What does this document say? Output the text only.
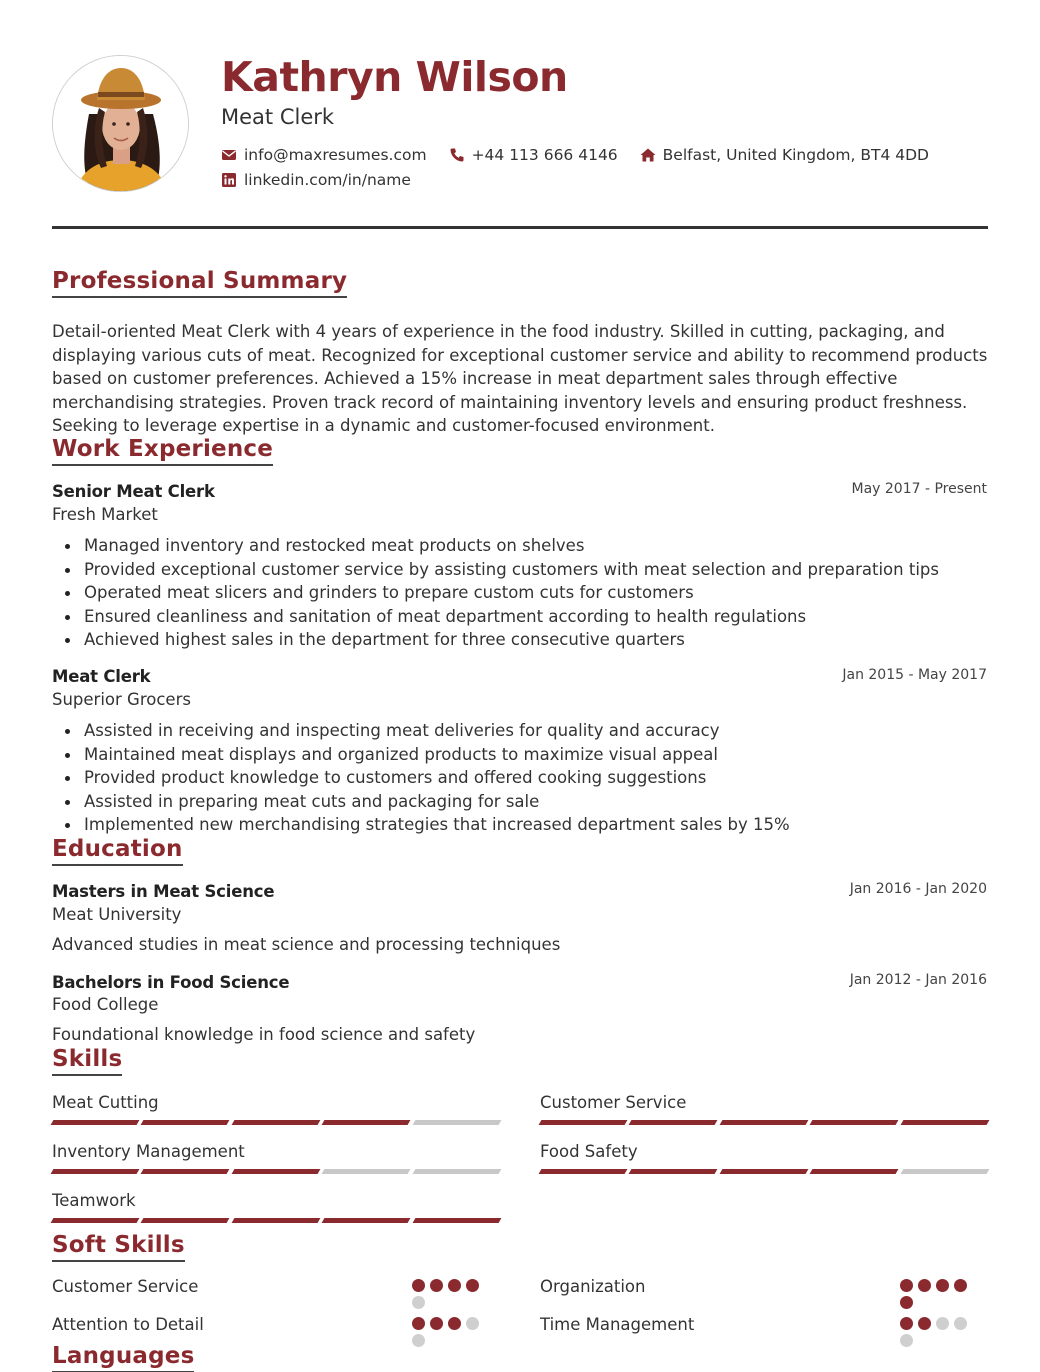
Kathryn Wilson
Meat Clerk
info@maxresumes.com	+44 113 666 4146	Belfast, United Kingdom, BT4 4DD
linkedin.com/in/name
Professional Summary

Detail-oriented Meat Clerk with 4 years of experience in the food industry. Skilled in cutting, packaging, and displaying various cuts of meat. Recognized for exceptional customer service and ability to recommend products based on customer preferences. Achieved a 15% increase in meat department sales through effective merchandising strategies. Proven track record of maintaining inventory levels and ensuring product freshness. Seeking to leverage expertise in a dynamic and customer-focused environment.

Work Experience
Senior Meat Clerk	May 2017 - Present
Fresh Market
Managed inventory and restocked meat products on shelves
Provided exceptional customer service by assisting customers with meat selection and preparation tips
Operated meat slicers and grinders to prepare custom cuts for customers
Ensured cleanliness and sanitation of meat department according to health regulations
Achieved highest sales in the department for three consecutive quarters
Meat Clerk	Jan 2015 - May 2017
Superior Grocers
Assisted in receiving and inspecting meat deliveries for quality and accuracy
Maintained meat displays and organized products to maximize visual appeal
Provided product knowledge to customers and offered cooking suggestions
Assisted in preparing meat cuts and packaging for sale
Implemented new merchandising strategies that increased department sales by 15%
Education
Masters in Meat Science	Jan 2016 - Jan 2020
Meat University
Advanced studies in meat science and processing techniques
Bachelors in Food Science	Jan 2012 - Jan 2016
Food College
Foundational knowledge in food science and safety
Skills
Meat Cutting	Customer Service
Inventory Management	Food Safety
Teamwork
Soft Skills
Customer Service	Organization
Attention to Detail	Time Management
Languages
